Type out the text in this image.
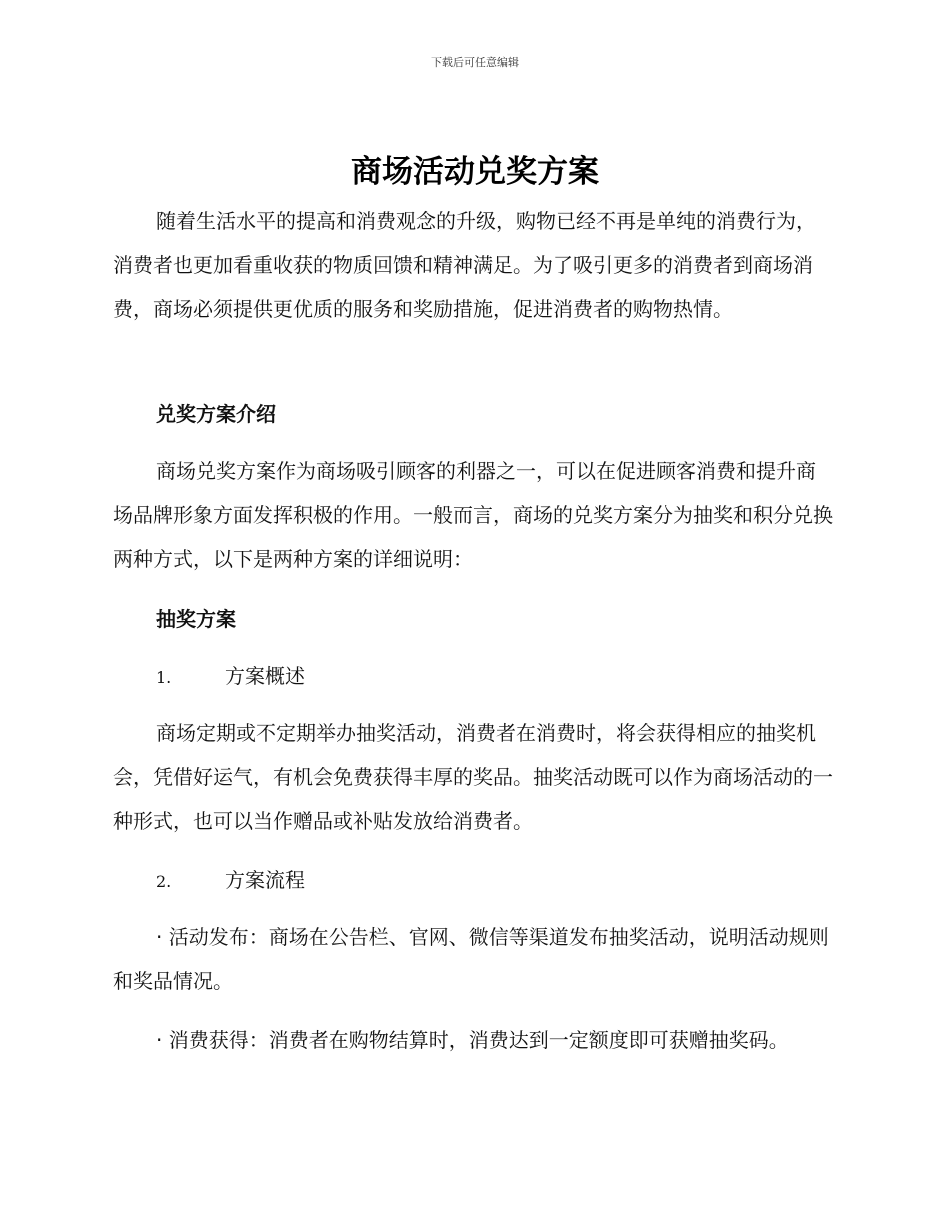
下载后可任意编辑
商场活动兑奖方案

随着生活水平的提高和消费观念的升级，购物已经不再是单纯的消费行为，消费者也更加看重收获的物质回馈和精神满足。为了吸引更多的消费者到商场消费，商场必须提供更优质的服务和奖励措施，促进消费者的购物热情。

兑奖方案介绍

商场兑奖方案作为商场吸引顾客的利器之一，可以在促进顾客消费和提升商场品牌形象方面发挥积极的作用。一般而言，商场的兑奖方案分为抽奖和积分兑换两种方式，以下是两种方案的详细说明：

抽奖方案
1.	方案概述

商场定期或不定期举办抽奖活动，消费者在消费时，将会获得相应的抽奖机会，凭借好运气，有机会免费获得丰厚的奖品。抽奖活动既可以作为商场活动的一种形式，也可以当作赠品或补贴发放给消费者。

2.	方案流程

· 活动发布：商场在公告栏、官网、微信等渠道发布抽奖活动，说明活动规则和奖品情况。

· 消费获得：消费者在购物结算时，消费达到一定额度即可获赠抽奖码。
